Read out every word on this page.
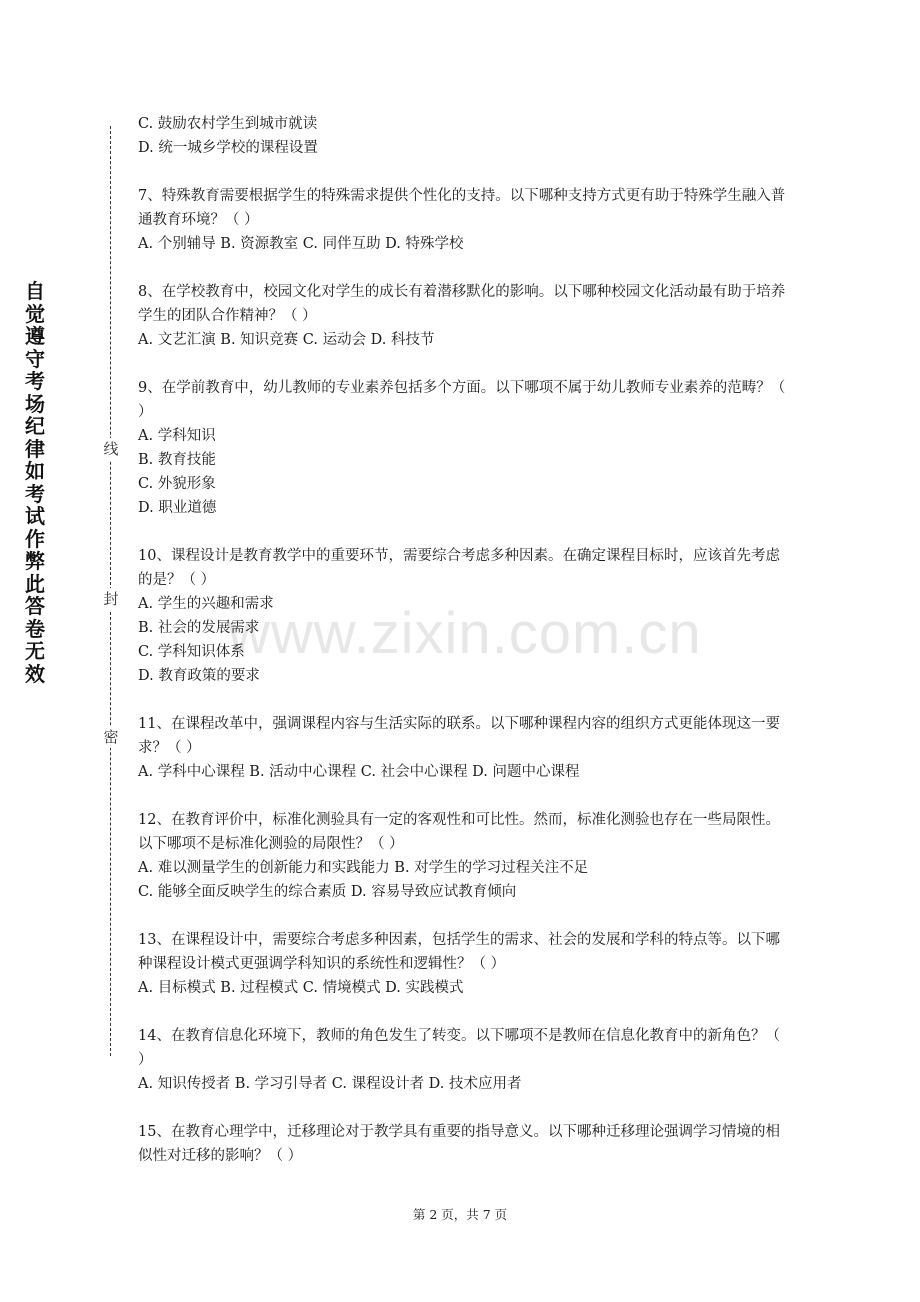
自觉遵守考场纪律如考试作弊此答卷无效
线
封
密
www.zixin.com.cn

C. 鼓励农村学生到城市就读

D. 统一城乡学校的课程设置

7、特殊教育需要根据学生的特殊需求提供个性化的支持。以下哪种支持方式更有助于特殊学生融入普通教育环境？（ ）

A. 个别辅导 B. 资源教室 C. 同伴互助 D. 特殊学校

8、在学校教育中，校园文化对学生的成长有着潜移默化的影响。以下哪种校园文化活动最有助于培养学生的团队合作精神？（ ）

A. 文艺汇演 B. 知识竞赛 C. 运动会 D. 科技节

9、在学前教育中，幼儿教师的专业素养包括多个方面。以下哪项不属于幼儿教师专业素养的范畴？（ ）

A. 学科知识

B. 教育技能

C. 外貌形象

D. 职业道德

10、课程设计是教育教学中的重要环节，需要综合考虑多种因素。在确定课程目标时，应该首先考虑的是？（ ）

A. 学生的兴趣和需求

B. 社会的发展需求

C. 学科知识体系

D. 教育政策的要求

11、在课程改革中，强调课程内容与生活实际的联系。以下哪种课程内容的组织方式更能体现这一要求？（ ）

A. 学科中心课程 B. 活动中心课程 C. 社会中心课程 D. 问题中心课程

12、在教育评价中，标准化测验具有一定的客观性和可比性。然而，标准化测验也存在一些局限性。以下哪项不是标准化测验的局限性？（ ）

A. 难以测量学生的创新能力和实践能力 B. 对学生的学习过程关注不足

C. 能够全面反映学生的综合素质 D. 容易导致应试教育倾向

13、在课程设计中，需要综合考虑多种因素，包括学生的需求、社会的发展和学科的特点等。以下哪种课程设计模式更强调学科知识的系统性和逻辑性？（ ）

A. 目标模式 B. 过程模式 C. 情境模式 D. 实践模式

14、在教育信息化环境下，教师的角色发生了转变。以下哪项不是教师在信息化教育中的新角色？（ ）

A. 知识传授者 B. 学习引导者 C. 课程设计者 D. 技术应用者

15、在教育心理学中，迁移理论对于教学具有重要的指导意义。以下哪种迁移理论强调学习情境的相似性对迁移的影响？（ ）

第 2 页，共 7 页
